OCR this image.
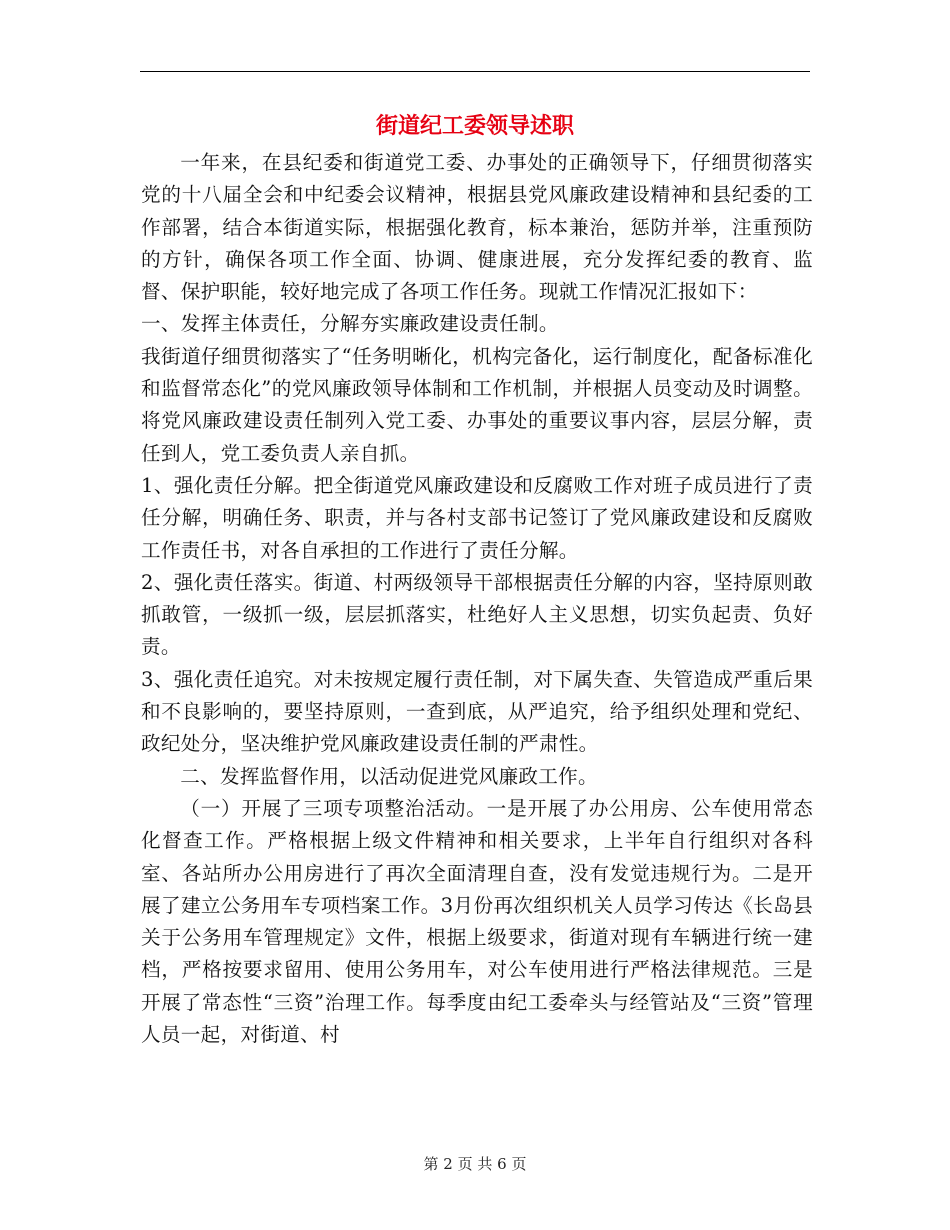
街道纪工委领导述职

一年来，在县纪委和街道党工委、办事处的正确领导下，仔细贯彻落实党的十八届全会和中纪委会议精神，根据县党风廉政建设精神和县纪委的工作部署，结合本街道实际，根据强化教育，标本兼治，惩防并举，注重预防的方针，确保各项工作全面、协调、健康进展，充分发挥纪委的教育、监督、保护职能，较好地完成了各项工作任务。现就工作情况汇报如下：

一、发挥主体责任，分解夯实廉政建设责任制。

我街道仔细贯彻落实了“任务明晰化，机构完备化，运行制度化，配备标准化和监督常态化”的党风廉政领导体制和工作机制，并根据人员变动及时调整。将党风廉政建设责任制列入党工委、办事处的重要议事内容，层层分解，责任到人，党工委负责人亲自抓。

1、强化责任分解。把全街道党风廉政建设和反腐败工作对班子成员进行了责任分解，明确任务、职责，并与各村支部书记签订了党风廉政建设和反腐败工作责任书，对各自承担的工作进行了责任分解。

2、强化责任落实。街道、村两级领导干部根据责任分解的内容，坚持原则敢抓敢管，一级抓一级，层层抓落实，杜绝好人主义思想，切实负起责、负好责。

3、强化责任追究。对未按规定履行责任制，对下属失查、失管造成严重后果和不良影响的，要坚持原则，一查到底，从严追究，给予组织处理和党纪、政纪处分，坚决维护党风廉政建设责任制的严肃性。

二、发挥监督作用，以活动促进党风廉政工作。

（一）开展了三项专项整治活动。一是开展了办公用房、公车使用常态化督查工作。严格根据上级文件精神和相关要求，上半年自行组织对各科室、各站所办公用房进行了再次全面清理自查，没有发觉违规行为。二是开展了建立公务用车专项档案工作。3月份再次组织机关人员学习传达《长岛县关于公务用车管理规定》文件，根据上级要求，街道对现有车辆进行统一建档，严格按要求留用、使用公务用车，对公车使用进行严格法律规范。三是开展了常态性“三资”治理工作。每季度由纪工委牵头与经管站及“三资”管理人员一起，对街道、村

第 2 页 共 6 页
